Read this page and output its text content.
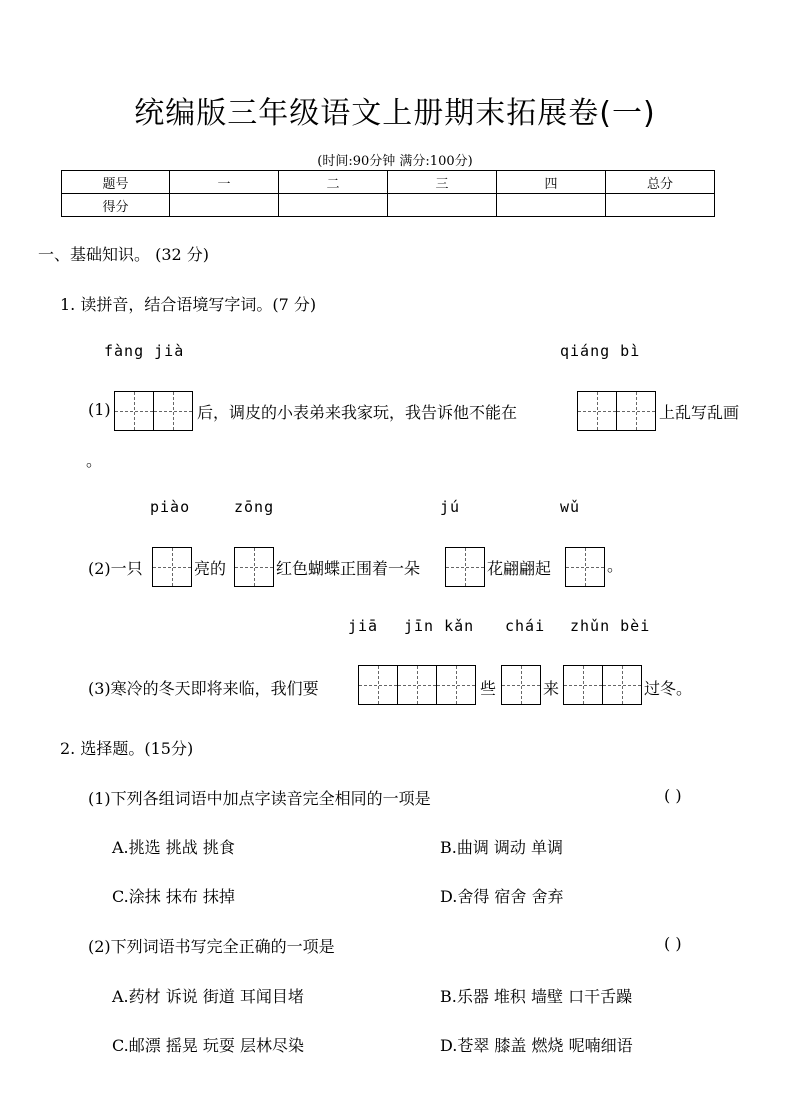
统编版三年级语文上册期末拓展卷(一)
(时间:90分钟 满分:100分)
题号	一	二	三	四	总分
得分					
一、基础知识。 (32 分)
1. 读拼音，结合语境写字词。(7 分)
fàng jià	qiáng bì
(1)	后，调皮的小表弟来我家玩，我告诉他不能在	上乱写乱画
。
piào	zōng	jú	wǔ
(2)一只	亮的	红色蝴蝶正围着一朵	花翩翩起	。
jiā jīn kǎn chái zhǔn bèi
(3)寒冷的冬天即将来临，我们要	些	来	过冬。
2. 选择题。(15分)
(1)下列各组词语中加点字读音完全相同的一项是	( )
A.挑选 挑战 挑食	B.曲调 调动 单调
C.涂抹 抹布 抹掉	D.舍得 宿舍 舍弃
(2)下列词语书写完全正确的一项是	( )
A.药材 诉说 街道 耳闻目堵	B.乐器 堆积 墙壁 口干舌躁
C.邮漂 摇晃 玩耍 层林尽染	D.苍翠 膝盖 燃烧 呢喃细语
